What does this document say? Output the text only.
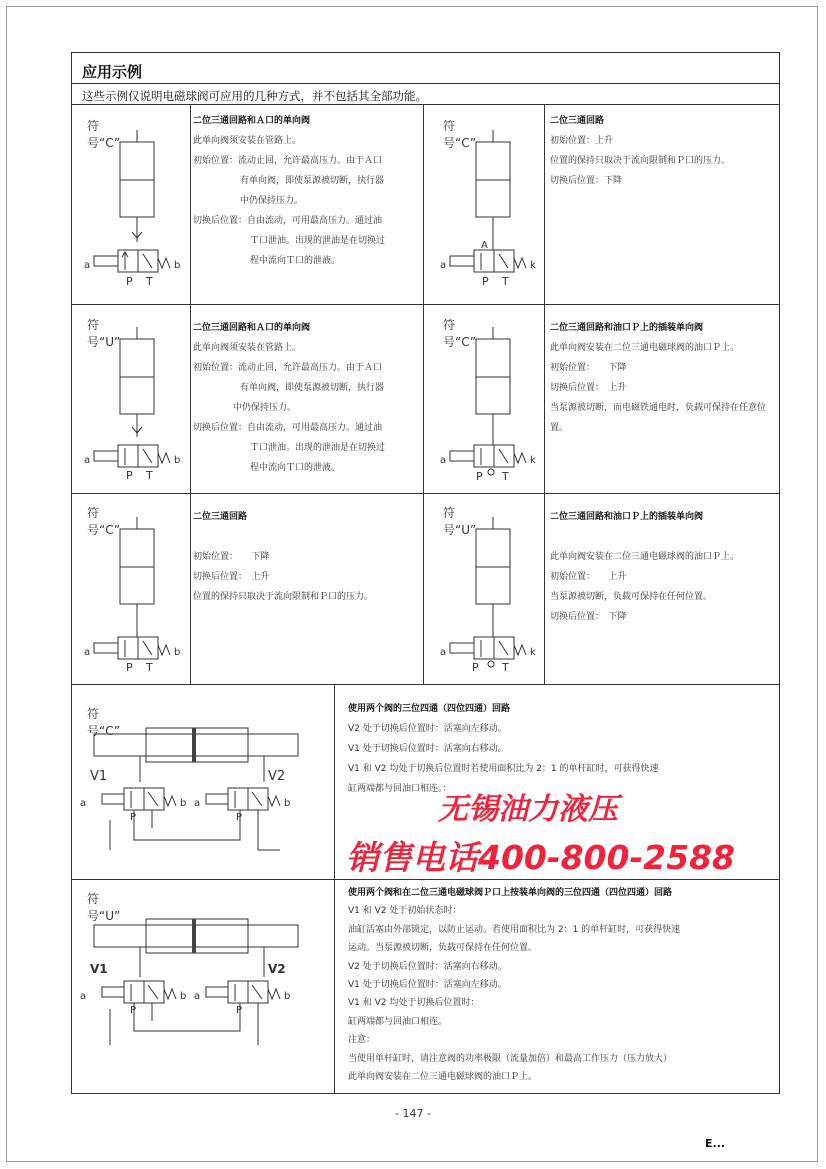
应用示例
这些示例仅说明电磁球阀可应用的几种方式，并不包括其全部功能。
符号“C”
a	b
P T
二位三通回路和Ａ口的单向阀
此单向阀须安装在管路上。
初始位置：流动止回，允许最高压力。由于Ａ口
有单向阀，即使泵源被切断，执行器
中仍保持压力。
切换后位置：自由流动，可用最高压力。通过油
Ｔ口泄油。出现的泄油是在切换过
程中流向Ｔ口的泄液。
符号“C”
A
a	k
P T
二位三通回路
初始位置：上升
位置的保持只取决于流向限制和Ｐ口的压力。
切换后位置：下降
符号“U”
a	b
P T
二位三通回路和Ａ口的单向阀
此单向阀须安装在管路上。
初始位置：流动止回，允许最高压力。由于Ａ口
有单向阀，即使泵源被切断，执行器
中仍保持压力。
切换后位置：自由流动，可用最高压力。通过油
Ｔ口泄油。出现的泄油是在切换过
程中流向Ｔ口的泄液。
符号“C”
a	k
P T
二位三通回路和油口Ｐ上的插装单向阀
此单向阀安装在二位三通电磁球阀的油口Ｐ上。
初始位置：　　下降
切换后位置：　上升
当泵源被切断，而电磁铁通电时，负载可保持在任意位
置。
符号“C”
a	b
P T
二位三通回路

初始位置：　　下降
切换后位置：　上升
位置的保持只取决于流向限制和Ｐ口的压力。
符号“U”
a	k
P T
二位三通回路和油口Ｐ上的插装单向阀

此单向阀安装在二位三通电磁球阀的油口Ｐ上。
初始位置：　　上升
当泵源被切断，负载可保持在任何位置。
切换后位置：　下降
符号“C”
V1	V2
a	b a	b
P	P
使用两个阀的三位四通（四位四通）回路
V2 处于切换后位置时：活塞向左移动。
V1 处于切换后位置时：活塞向右移动。
V1 和 V2 均处于切换后位置时若使用面积比为 2：1 的单杆缸时，可获得快速
缸两端都与回油口相连。：
符号“U”
V1	V2
a	b a	b
P	P
使用两个阀和在二位三通电磁球阀Ｐ口上按装单向阀的三位四通（四位四通）回路
V1 和 V2 处于初始状态时：
油缸活塞由外部锁定，以防止运动。若使用面积比为 2：1 的单杆缸时，可获得快速
运动。当泵源被切断，负载可保持在任何位置。
V2 处于切换后位置时：活塞向右移动。
V1 处于切换后位置时：活塞向左移动。
V1 和 V2 均处于切换后位置时：
缸两端都与回油口相连。
注意：
当使用单杆缸时，请注意阀的功率极限（流量加倍）和最高工作压力（压力放大）
此单向阀安装在二位三通电磁球阀的油口Ｐ上。
无锡油力液压
销售电话400-800-2588
- 147 -
E...
